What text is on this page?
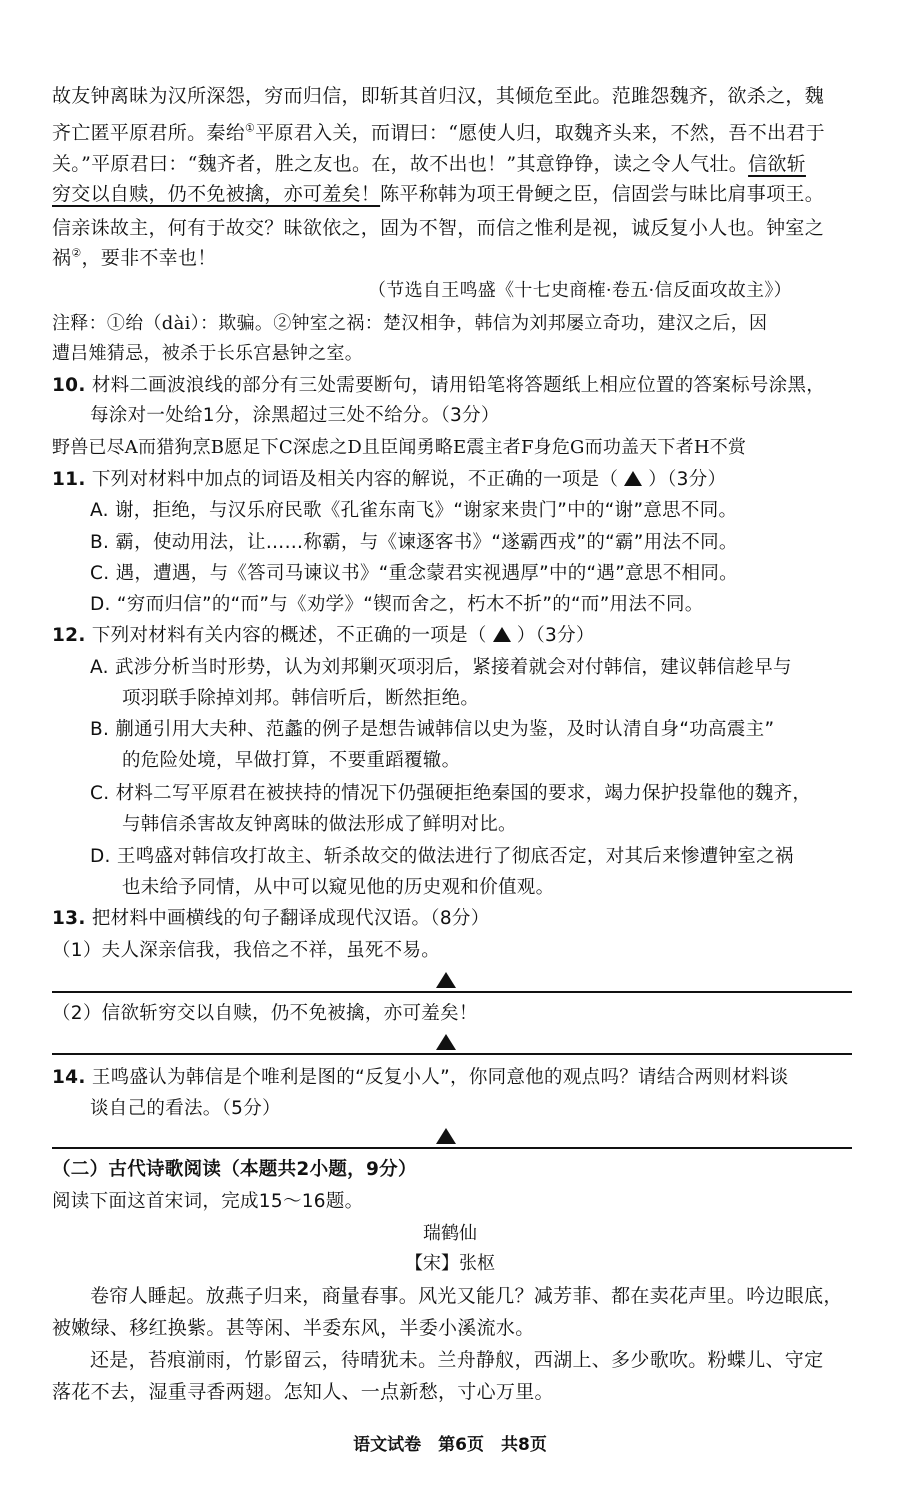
故友钟离昧为汉所深怨，穷而归信，即斩其首归汉，其倾危至此。范雎怨魏齐，欲杀之，魏
齐亡匿平原君所。秦绐①平原君入关，而谓曰：“愿使人归，取魏齐头来，不然，吾不出君于
关。”平原君曰：“魏齐者，胜之友也。在，故不出也！”其意铮铮，读之令人气壮。信欲斩
穷交以自赎，仍不免被擒，亦可羞矣！陈平称韩为项王骨鲠之臣，信固尝与昧比肩事项王。
信亲诛故主，何有于故交？昧欲依之，固为不智，而信之惟利是视，诚反复小人也。钟室之
祸②，要非不幸也！
（节选自王鸣盛《十七史商榷·卷五·信反面攻故主》）
注释：①绐（dài）：欺骗。②钟室之祸：楚汉相争，韩信为刘邦屡立奇功，建汉之后，因
遭吕雉猜忌，被杀于长乐宫悬钟之室。
10. 材料二画波浪线的部分有三处需要断句，请用铅笔将答题纸上相应位置的答案标号涂黑，
每涂对一处给1分，涂黑超过三处不给分。（3分）
野兽已尽A而猎狗烹B愿足下C深虑之D且臣闻勇略E震主者F身危G而功盖天下者H不赏
11. 下列对材料中加点的词语及相关内容的解说，不正确的一项是（ ）（3分）
A. 谢，拒绝，与汉乐府民歌《孔雀东南飞》“谢家来贵门”中的“谢”意思不同。
B. 霸，使动用法，让……称霸，与《谏逐客书》“遂霸西戎”的“霸”用法不同。
C. 遇，遭遇，与《答司马谏议书》“重念蒙君实视遇厚”中的“遇”意思不相同。
D. “穷而归信”的“而”与《劝学》“锲而舍之，朽木不折”的“而”用法不同。
12. 下列对材料有关内容的概述，不正确的一项是（ ）（3分）
A. 武涉分析当时形势，认为刘邦剿灭项羽后，紧接着就会对付韩信，建议韩信趁早与
项羽联手除掉刘邦。韩信听后，断然拒绝。
B. 蒯通引用大夫种、范蠡的例子是想告诫韩信以史为鉴，及时认清自身“功高震主”
的危险处境，早做打算，不要重蹈覆辙。
C. 材料二写平原君在被挟持的情况下仍强硬拒绝秦国的要求，竭力保护投靠他的魏齐，
与韩信杀害故友钟离昧的做法形成了鲜明对比。
D. 王鸣盛对韩信攻打故主、斩杀故交的做法进行了彻底否定，对其后来惨遭钟室之祸
也未给予同情，从中可以窥见他的历史观和价值观。
13. 把材料中画横线的句子翻译成现代汉语。（8分）
（1）夫人深亲信我，我倍之不祥，虽死不易。
（2）信欲斩穷交以自赎，仍不免被擒，亦可羞矣！
14. 王鸣盛认为韩信是个唯利是图的“反复小人”，你同意他的观点吗？请结合两则材料谈
谈自己的看法。（5分）
（二）古代诗歌阅读（本题共2小题，9分）
阅读下面这首宋词，完成15～16题。
瑞鹤仙
【宋】张枢
卷帘人睡起。放燕子归来，商量春事。风光又能几？减芳菲、都在卖花声里。吟边眼底，
被嫩绿、移红换紫。甚等闲、半委东风，半委小溪流水。
还是，苔痕湔雨，竹影留云，待晴犹未。兰舟静舣，西湖上、多少歌吹。粉蝶儿、守定
落花不去，湿重寻香两翅。怎知人、一点新愁，寸心万里。
语文试卷　第6页　共8页
